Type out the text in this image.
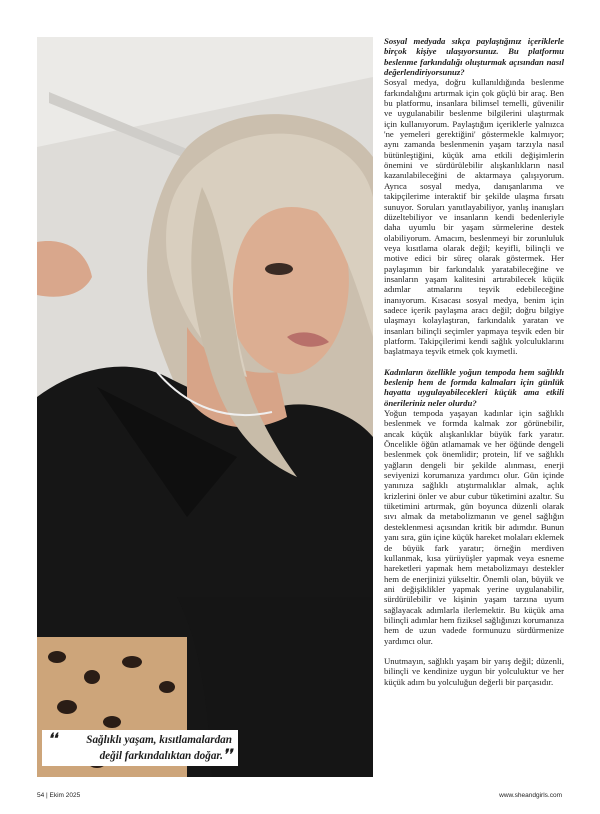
❛❛	Sağlıklı yaşam, kısıtlamalardan
değil farkındalıktan doğar.❜❜

Sosyal medyada sıkça paylaştığınız içeriklerle birçok kişiye ulaşıyorsunuz. Bu platformu beslenme farkındalığı oluşturmak açısından nasıl değerlendiriyorsunuz?

Sosyal medya, doğru kullanıldığında beslenme farkındalığını artırmak için çok güçlü bir araç. Ben bu platformu, insanlara bilimsel temelli, güvenilir ve uygulanabilir beslenme bilgilerini ulaştırmak için kullanıyorum. Paylaştığım içeriklerle yalnızca 'ne yemeleri gerektiğini' göstermekle kalmıyor; aynı zamanda beslenmenin yaşam tarzıyla nasıl bütünleştiğini, küçük ama etkili değişimlerin önemini ve sürdürülebilir alışkanlıkların nasıl kazanılabileceğini de aktarmaya çalışıyorum. Ayrıca sosyal medya, danışanlarıma ve takipçilerime interaktif bir şekilde ulaşma fırsatı sunuyor. Soruları yanıtlayabiliyor, yanlış inanışları düzeltebiliyor ve insanların kendi bedenleriyle daha uyumlu bir yaşam sürmelerine destek olabiliyorum. Amacım, beslenmeyi bir zorunluluk veya kısıtlama olarak değil; keyifli, bilinçli ve motive edici bir süreç olarak göstermek. Her paylaşımın bir farkındalık yaratabileceğine ve insanların yaşam kalitesini artırabilecek küçük adımlar atmalarını teşvik edebileceğine inanıyorum. Kısacası sosyal medya, benim için sadece içerik paylaşma aracı değil; doğru bilgiye ulaşmayı kolaylaştıran, farkındalık yaratan ve insanları bilinçli seçimler yapmaya teşvik eden bir platform. Takipçilerimi kendi sağlık yolculuklarını başlatmaya teşvik etmek çok kıymetli.

Kadınların özellikle yoğun tempoda hem sağlıklı beslenip hem de formda kalmaları için günlük hayatta uygulayabilecekleri küçük ama etkili önerileriniz neler olurdu?

Yoğun tempoda yaşayan kadınlar için sağlıklı beslenmek ve formda kalmak zor görünebilir, ancak küçük alışkanlıklar büyük fark yaratır. Öncelikle öğün atlamamak ve her öğünde dengeli beslenmek çok önemlidir; protein, lif ve sağlıklı yağların dengeli bir şekilde alınması, enerji seviyenizi korumanıza yardımcı olur. Gün içinde yanınıza sağlıklı atıştırmalıklar almak, açlık krizlerini önler ve abur cubur tüketimini azaltır. Su tüketimini artırmak, gün boyunca düzenli olarak sıvı almak da metabolizmanın ve genel sağlığın desteklenmesi açısından kritik bir adımdır. Bunun yanı sıra, gün içine küçük hareket molaları eklemek de büyük fark yaratır; örneğin merdiven kullanmak, kısa yürüyüşler yapmak veya esneme hareketleri yapmak hem metabolizmayı destekler hem de enerjinizi yükseltir. Önemli olan, büyük ve ani değişiklikler yapmak yerine uygulanabilir, sürdürülebilir ve kişinin yaşam tarzına uyum sağlayacak adımlarla ilerlemektir. Bu küçük ama bilinçli adımlar hem fiziksel sağlığınızı korumanıza hem de uzun vadede formunuzu sürdürmenize yardımcı olur.

Unutmayın, sağlıklı yaşam bir yarış değil; düzenli, bilinçli ve kendinize uygun bir yolculuktur ve her küçük adım bu yolculuğun değerli bir parçasıdır.

54 | Ekim 2025	www.sheandgirls.com
